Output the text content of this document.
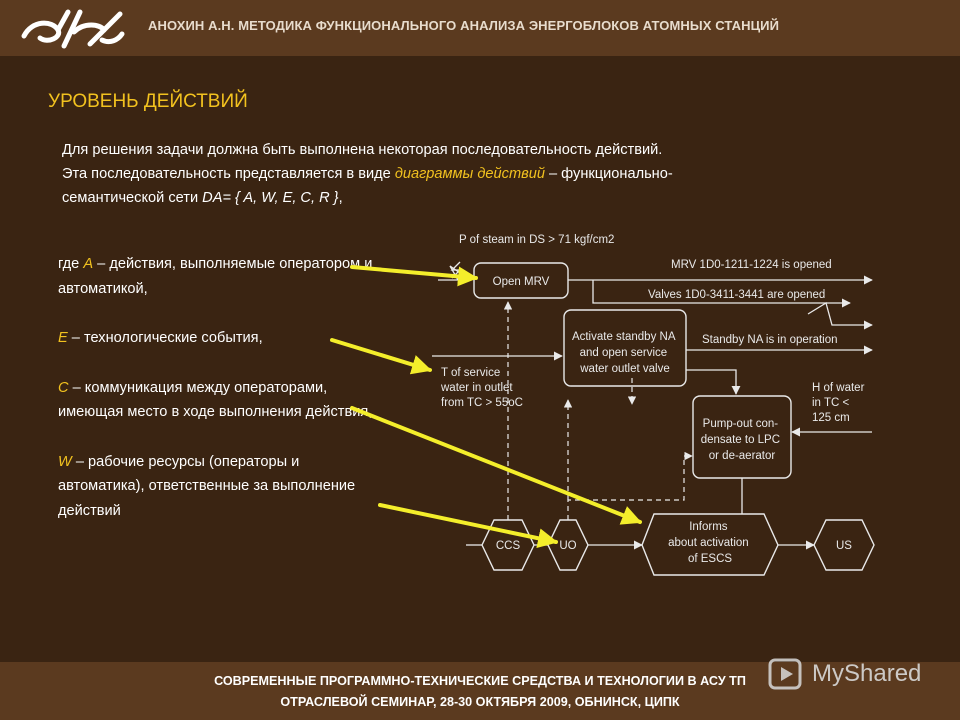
АНОХИН А.Н. МЕТОДИКА ФУНКЦИОНАЛЬНОГО АНАЛИЗА ЭНЕРГОБЛОКОВ АТОМНЫХ СТАНЦИЙ
УРОВЕНЬ ДЕЙСТВИЙ
Для решения задачи должна быть выполнена некоторая последовательность действий.
Эта последовательность представляется в виде диаграммы действий – функционально-
семантической сети DA= { A, W, E, C, R },

где A – действия, выполняемые оператором и автоматикой,

E – технологические события,

C – коммуникация между операторами, имеющая место в ходе выполнения действия,

W – рабочие ресурсы (операторы и автоматика), ответственные за выполнение действий

P of steam in DS > 71 kgf/cm2
MRV 1D0-1211-1224 is opened
Valves 1D0-3411-3441 are opened
Standby NA is in operation
T of service water in outlet from TC > 55oC
H of water in TC < 125 cm
Open MRV
Activate standby NA and open service water outlet valve
Pump-out con- densate to LPC or de-aerator
CCS	UO	US
Informs about activation of ESCS
СОВРЕМЕННЫЕ ПРОГРАММНО-ТЕХНИЧЕСКИЕ СРЕДСТВА И ТЕХНОЛОГИИ В АСУ ТП
ОТРАСЛЕВОЙ СЕМИНАР, 28-30 ОКТЯБРЯ 2009, ОБНИНСК, ЦИПК
MyShared
